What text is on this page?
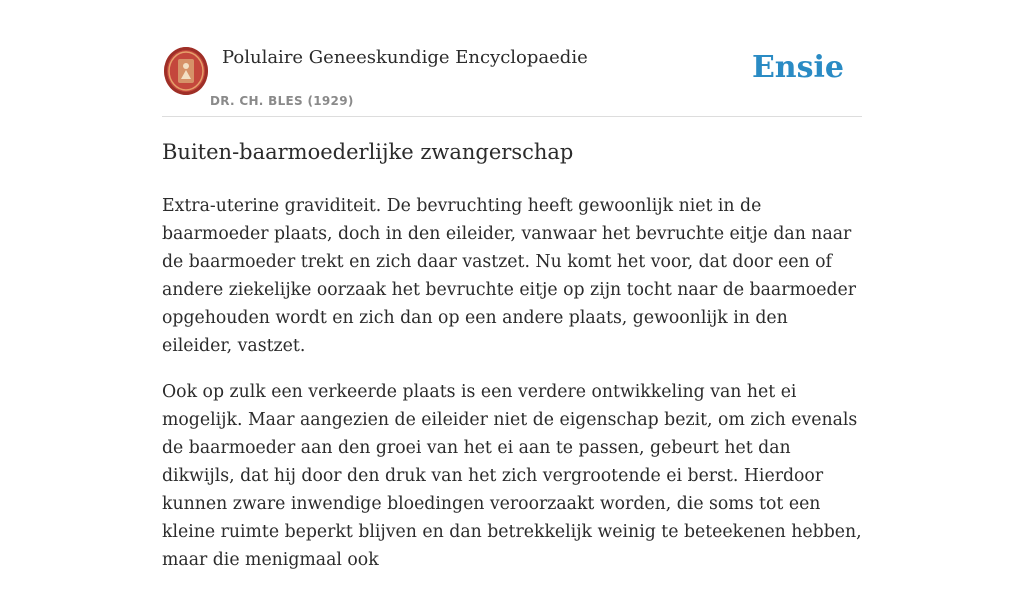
Polulaire Geneeskundige Encyclopaedie
DR. CH. BLES (1929)
Ensie
Buiten-baarmoederlijke zwangerschap

Extra-uterine graviditeit. De bevruchting heeft gewoonlijk niet in de baarmoeder plaats, doch in den eileider, vanwaar het bevruchte eitje dan naar de baarmoeder trekt en zich daar vastzet. Nu komt het voor, dat door een of andere ziekelijke oorzaak het bevruchte eitje op zijn tocht naar de baarmoeder opgehouden wordt en zich dan op een andere plaats, gewoonlijk in den eileider, vastzet.

Ook op zulk een verkeerde plaats is een verdere ontwikkeling van het ei mogelijk. Maar aangezien de eileider niet de eigenschap bezit, om zich evenals de baarmoeder aan den groei van het ei aan te passen, gebeurt het dan dikwijls, dat hij door den druk van het zich vergrootende ei berst. Hierdoor kunnen zware inwendige bloedingen veroorzaakt worden, die soms tot een kleine ruimte beperkt blijven en dan betrekkelijk weinig te beteekenen hebben, maar die menigmaal ook
